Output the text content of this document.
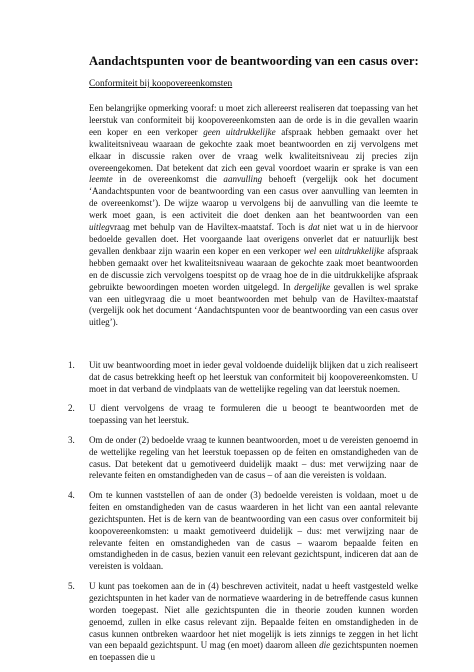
Aandachtspunten voor de beantwoording van een casus over:
Conformiteit bij koopovereenkomsten

Een belangrijke opmerking vooraf: u moet zich allereerst realiseren dat toepassing van het leerstuk van conformiteit bij koopovereenkomsten aan de orde is in die gevallen waarin een koper en een verkoper geen uitdrukkelijke afspraak hebben gemaakt over het kwaliteitsniveau waaraan de gekochte zaak moet beantwoorden en zij vervolgens met elkaar in discussie raken over de vraag welk kwaliteitsniveau zij precies zijn overeengekomen. Dat betekent dat zich een geval voordoet waarin er sprake is van een leemte in de overeenkomst die aanvulling behoeft (vergelijk ook het document ‘Aandachtspunten voor de beantwoording van een casus over aanvulling van leemten in de overeenkomst’). De wijze waarop u vervolgens bij de aanvulling van die leemte te werk moet gaan, is een activiteit die doet denken aan het beantwoorden van een uitlegvraag met behulp van de Haviltex-maatstaf. Toch is dat niet wat u in de hiervoor bedoelde gevallen doet. Het voorgaande laat overigens onverlet dat er natuurlijk best gevallen denkbaar zijn waarin een koper en een verkoper wel een uitdrukkelijke afspraak hebben gemaakt over het kwaliteitsniveau waaraan de gekochte zaak moet beantwoorden en de discussie zich vervolgens toespitst op de vraag hoe de in die uitdrukkelijke afspraak gebruikte bewoordingen moeten worden uitgelegd. In dergelijke gevallen is wel sprake van een uitlegvraag die u moet beantwoorden met behulp van de Haviltex-maatstaf (vergelijk ook het document ‘Aandachtspunten voor de beantwoording van een casus over uitleg’).

1.	Uit uw beantwoording moet in ieder geval voldoende duidelijk blijken dat u zich realiseert dat de casus betrekking heeft op het leerstuk van conformiteit bij koopovereenkomsten. U moet in dat verband de vindplaats van de wettelijke regeling van dat leerstuk noemen.
2.	U dient vervolgens de vraag te formuleren die u beoogt te beantwoorden met de toepassing van het leerstuk.
3.	Om de onder (2) bedoelde vraag te kunnen beantwoorden, moet u de vereisten genoemd in de wettelijke regeling van het leerstuk toepassen op de feiten en omstandigheden van de casus. Dat betekent dat u gemotiveerd duidelijk maakt – dus: met verwijzing naar de relevante feiten en omstandigheden van de casus – of aan die vereisten is voldaan.
4.	Om te kunnen vaststellen of aan de onder (3) bedoelde vereisten is voldaan, moet u de feiten en omstandigheden van de casus waarderen in het licht van een aantal relevante gezichtspunten. Het is de kern van de beantwoording van een casus over conformiteit bij koopovereenkomsten: u maakt gemotiveerd duidelijk – dus: met verwijzing naar de relevante feiten en omstandigheden van de casus – waarom bepaalde feiten en omstandigheden in de casus, bezien vanuit een relevant gezichtspunt, indiceren dat aan de vereisten is voldaan.
5.	U kunt pas toekomen aan de in (4) beschreven activiteit, nadat u heeft vastgesteld welke gezichtspunten in het kader van de normatieve waardering in de betreffende casus kunnen worden toegepast. Niet alle gezichtspunten die in theorie zouden kunnen worden genoemd, zullen in elke casus relevant zijn. Bepaalde feiten en omstandigheden in de casus kunnen ontbreken waardoor het niet mogelijk is iets zinnigs te zeggen in het licht van een bepaald gezichtspunt. U mag (en moet) daarom alleen die gezichtspunten noemen en toepassen die u
